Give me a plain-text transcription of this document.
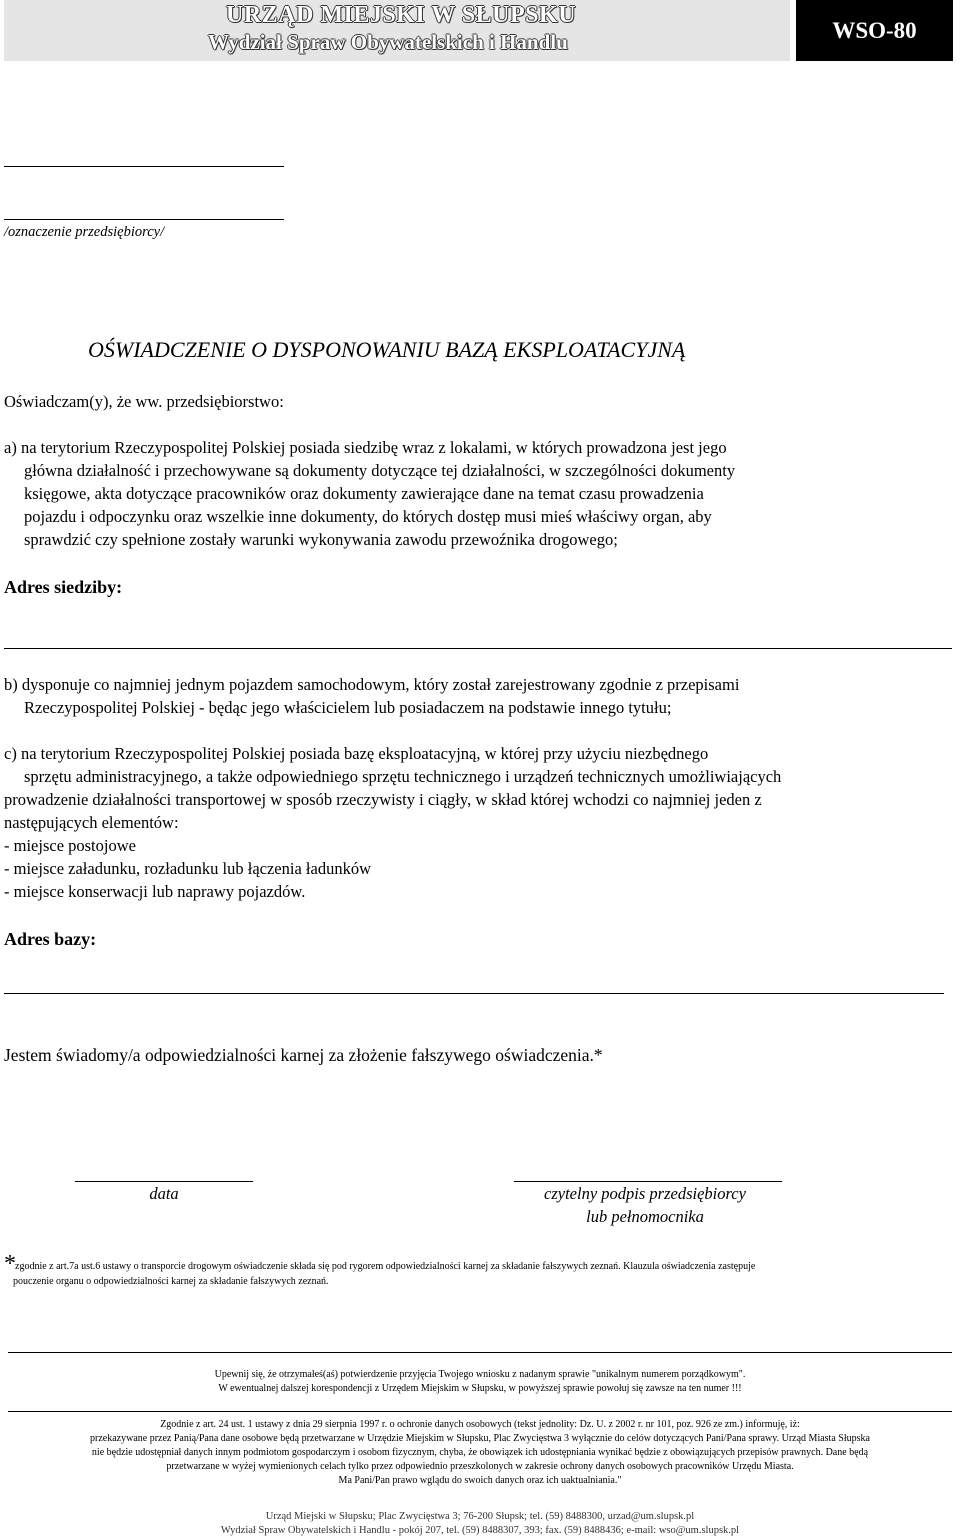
URZĄD MIEJSKI W SŁUPSKU
Wydział Spraw Obywatelskich i Handlu	WSO-80
/oznaczenie przedsiębiorcy/
OŚWIADCZENIE O DYSPONOWANIU BAZĄ EKSPLOATACYJNĄ
Oświadczam(y), że ww. przedsiębiorstwo:
a) na terytorium Rzeczypospolitej Polskiej posiada siedzibę wraz z lokalami, w których prowadzona jest jego
główna działalność i przechowywane są dokumenty dotyczące tej działalności, w szczególności dokumenty
księgowe, akta dotyczące pracowników oraz dokumenty zawierające dane na temat czasu prowadzenia
pojazdu i odpoczynku oraz wszelkie inne dokumenty, do których dostęp musi mieś właściwy organ, aby
sprawdzić czy spełnione zostały warunki wykonywania zawodu przewoźnika drogowego;
Adres siedziby:
b) dysponuje co najmniej jednym pojazdem samochodowym, który został zarejestrowany zgodnie z przepisami
Rzeczypospolitej Polskiej - będąc jego właścicielem lub posiadaczem na podstawie innego tytułu;
c) na terytorium Rzeczypospolitej Polskiej posiada bazę eksploatacyjną, w której przy użyciu niezbędnego
sprzętu administracyjnego, a także odpowiedniego sprzętu technicznego i urządzeń technicznych umożliwiających
prowadzenie działalności transportowej w sposób rzeczywisty i ciągły, w skład której wchodzi co najmniej jeden z
następujących elementów:
- miejsce postojowe
- miejsce załadunku, rozładunku lub łączenia ładunków
- miejsce konserwacji lub naprawy pojazdów.
Adres bazy:
Jestem świadomy/a odpowiedzialności karnej za złożenie fałszywego oświadczenia.*
data	czytelny podpis przedsiębiorcy
lub pełnomocnika
* zgodnie z art.7a ust.6 ustawy o transporcie drogowym oświadczenie składa się pod rygorem odpowiedzialności karnej za składanie fałszywych zeznań. Klauzula oświadczenia zastępuje
pouczenie organu o odpowiedzialności karnej za składanie fałszywych zeznań.
Upewnij się, że otrzymałeś(aś) potwierdzenie przyjęcia Twojego wniosku z nadanym sprawie "unikalnym numerem porządkowym".
W ewentualnej dalszej korespondencji z Urzędem Miejskim w Słupsku, w powyższej sprawie powołuj się zawsze na ten numer !!!
Zgodnie z art. 24 ust. 1 ustawy z dnia 29 sierpnia 1997 r. o ochronie danych osobowych (tekst jednolity: Dz. U. z 2002 r. nr 101, poz. 926 ze zm.) informuję, iż:
przekazywane przez Panią/Pana dane osobowe będą przetwarzane w Urzędzie Miejskim w Słupsku, Plac Zwycięstwa 3 wyłącznie do celów dotyczących Pani/Pana sprawy. Urząd Miasta Słupska
nie będzie udostępniał danych innym podmiotom gospodarczym i osobom fizycznym, chyba, że obowiązek ich udostępniania wynikać będzie z obowiązujących przepisów prawnych. Dane będą
przetwarzane w wyżej wymienionych celach tylko przez odpowiednio przeszkolonych w zakresie ochrony danych osobowych pracowników Urzędu Miasta.
Ma Pani/Pan prawo wglądu do swoich danych oraz ich uaktualniania."
Urząd Miejski w Słupsku; Plac Zwycięstwa 3; 76-200 Słupsk; tel. (59) 8488300, urzad@um.slupsk.pl
Wydział Spraw Obywatelskich i Handlu - pokój 207, tel. (59) 8488307, 393; fax. (59) 8488436; e-mail: wso@um.slupsk.pl
